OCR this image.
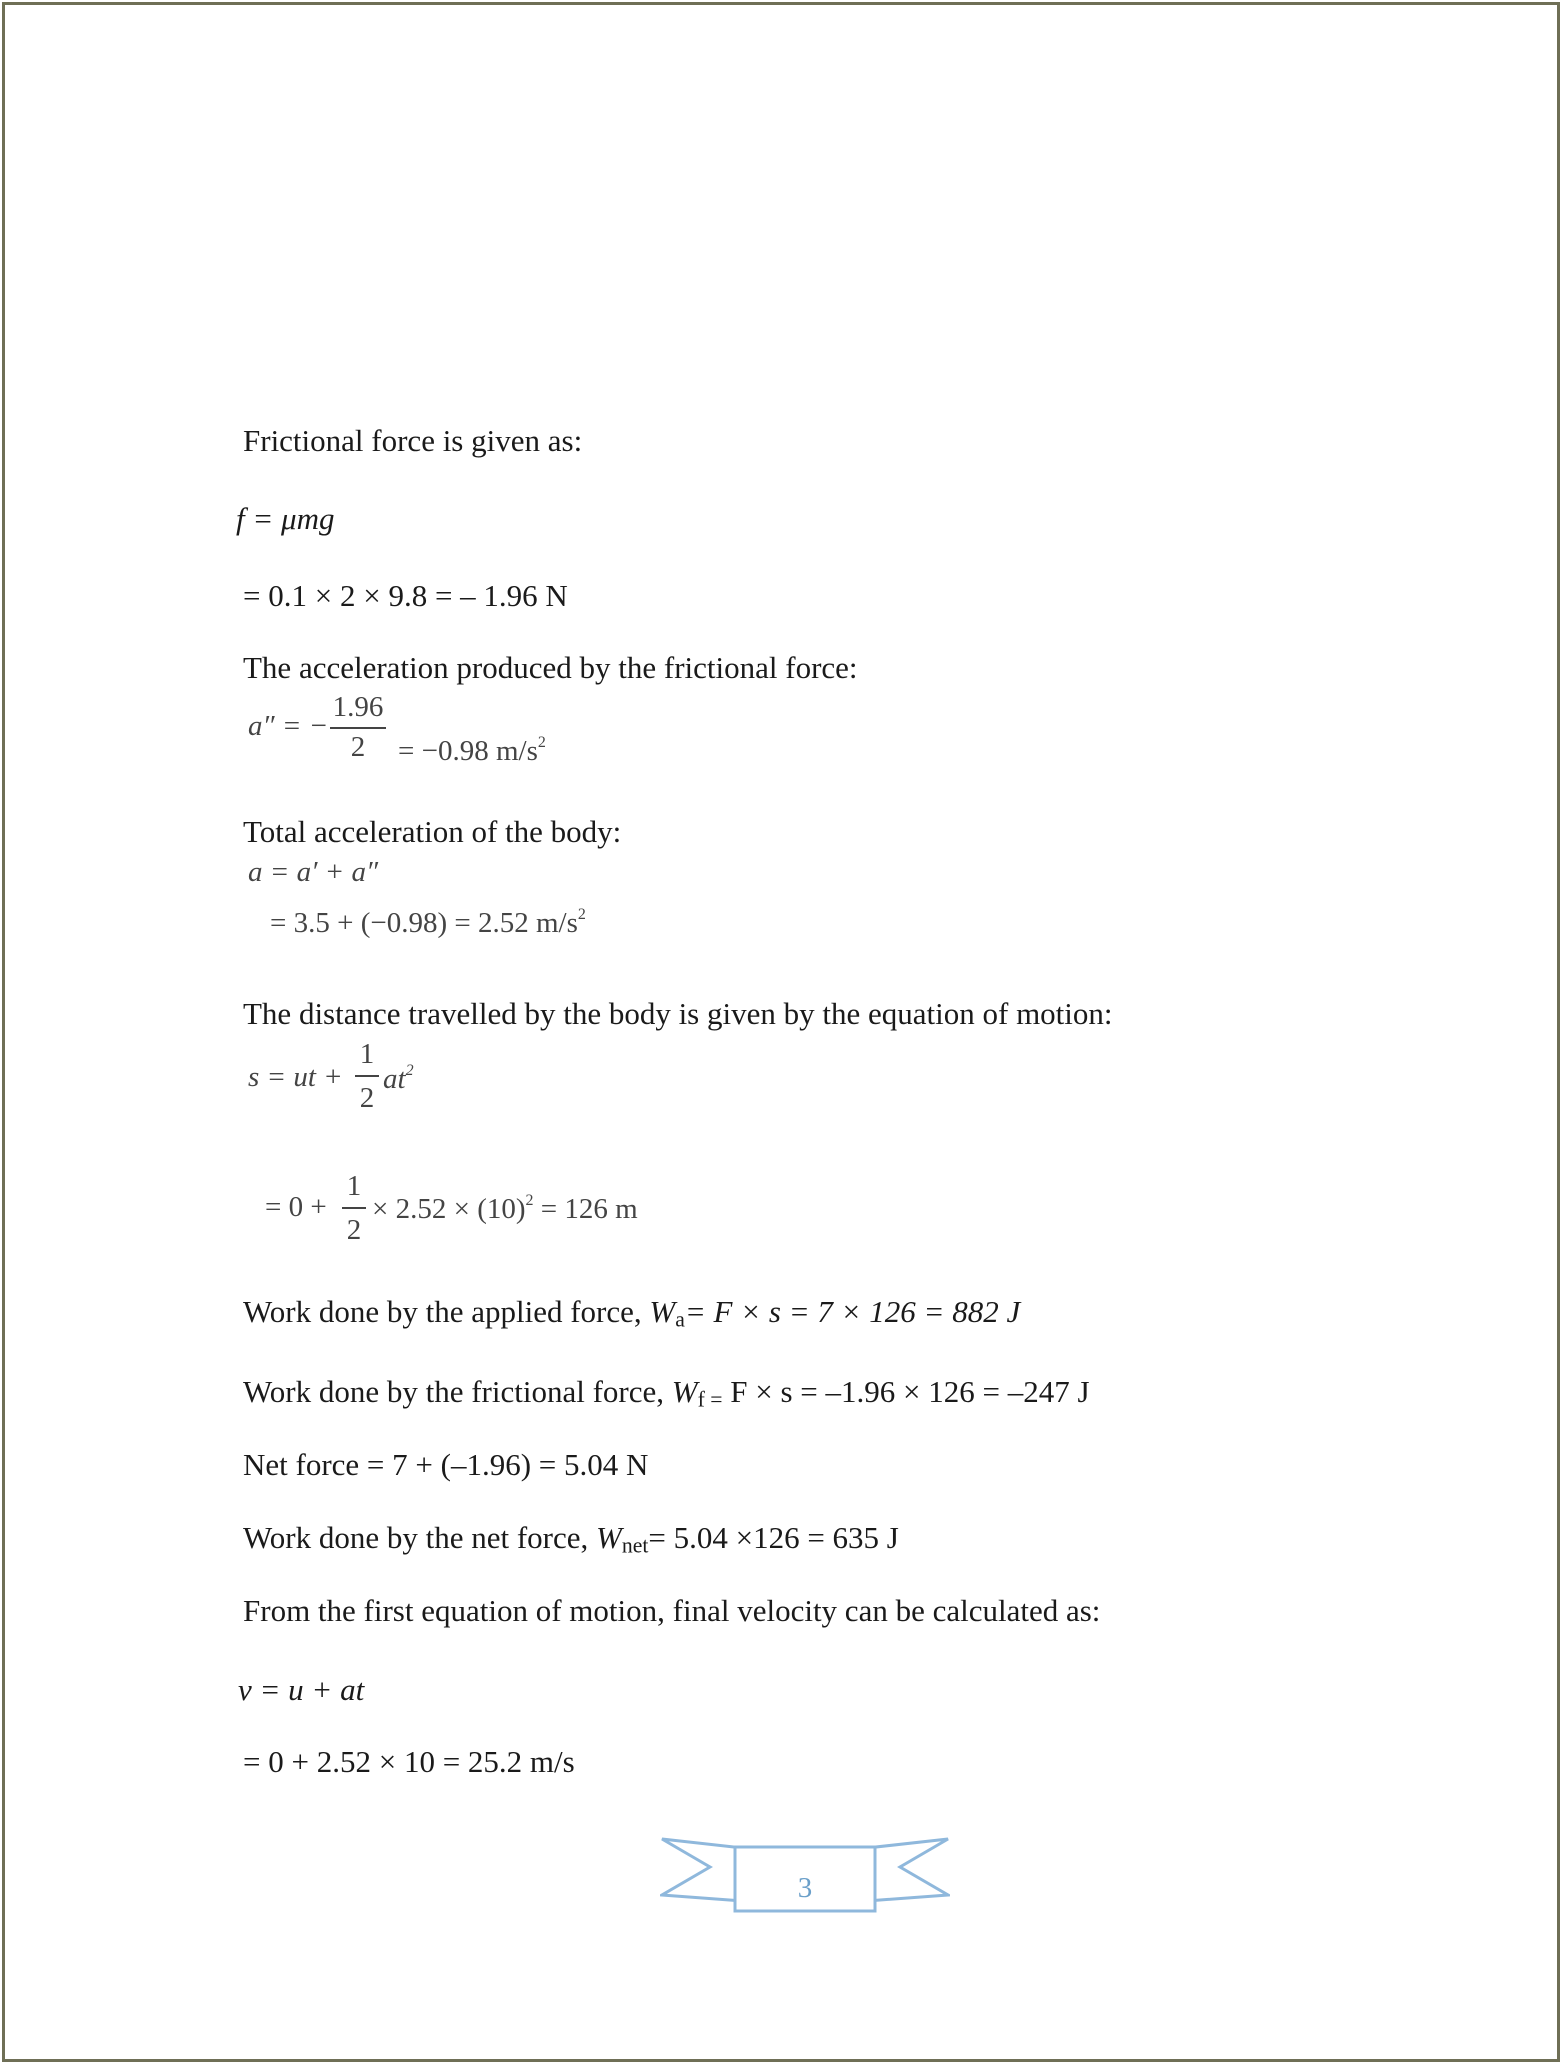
Frictional force is given as:
f = μmg
= 0.1 × 2 × 9.8 = – 1.96 N
The acceleration produced by the frictional force:
a″ = −
1.96
2	= −0.98 $m/s^2$
Total acceleration of the body:
a = a′ + a″
= 3.5 + (−0.98) = 2.52 $m/s^2$
The distance travelled by the body is given by the equation of motion:
s = ut +
1
2
$at^2$
= 0 +
1
2
× $2.52 \times (10)^2 = 126$ m
Work done by the applied force, $W_a= F \times s = 7 \times 126 = 882$ J
Work done by the frictional force, $W_{f =}$ F × s = –1.96 × 126 = –247 J
Net force = 7 + (–1.96) = 5.04 N
Work done by the net force, $W_{net}= 5.04 \times 126 = 635$ J
From the first equation of motion, final velocity can be calculated as:
v = u + at
= 0 + 2.52 × 10 = 25.2 m/s
3
